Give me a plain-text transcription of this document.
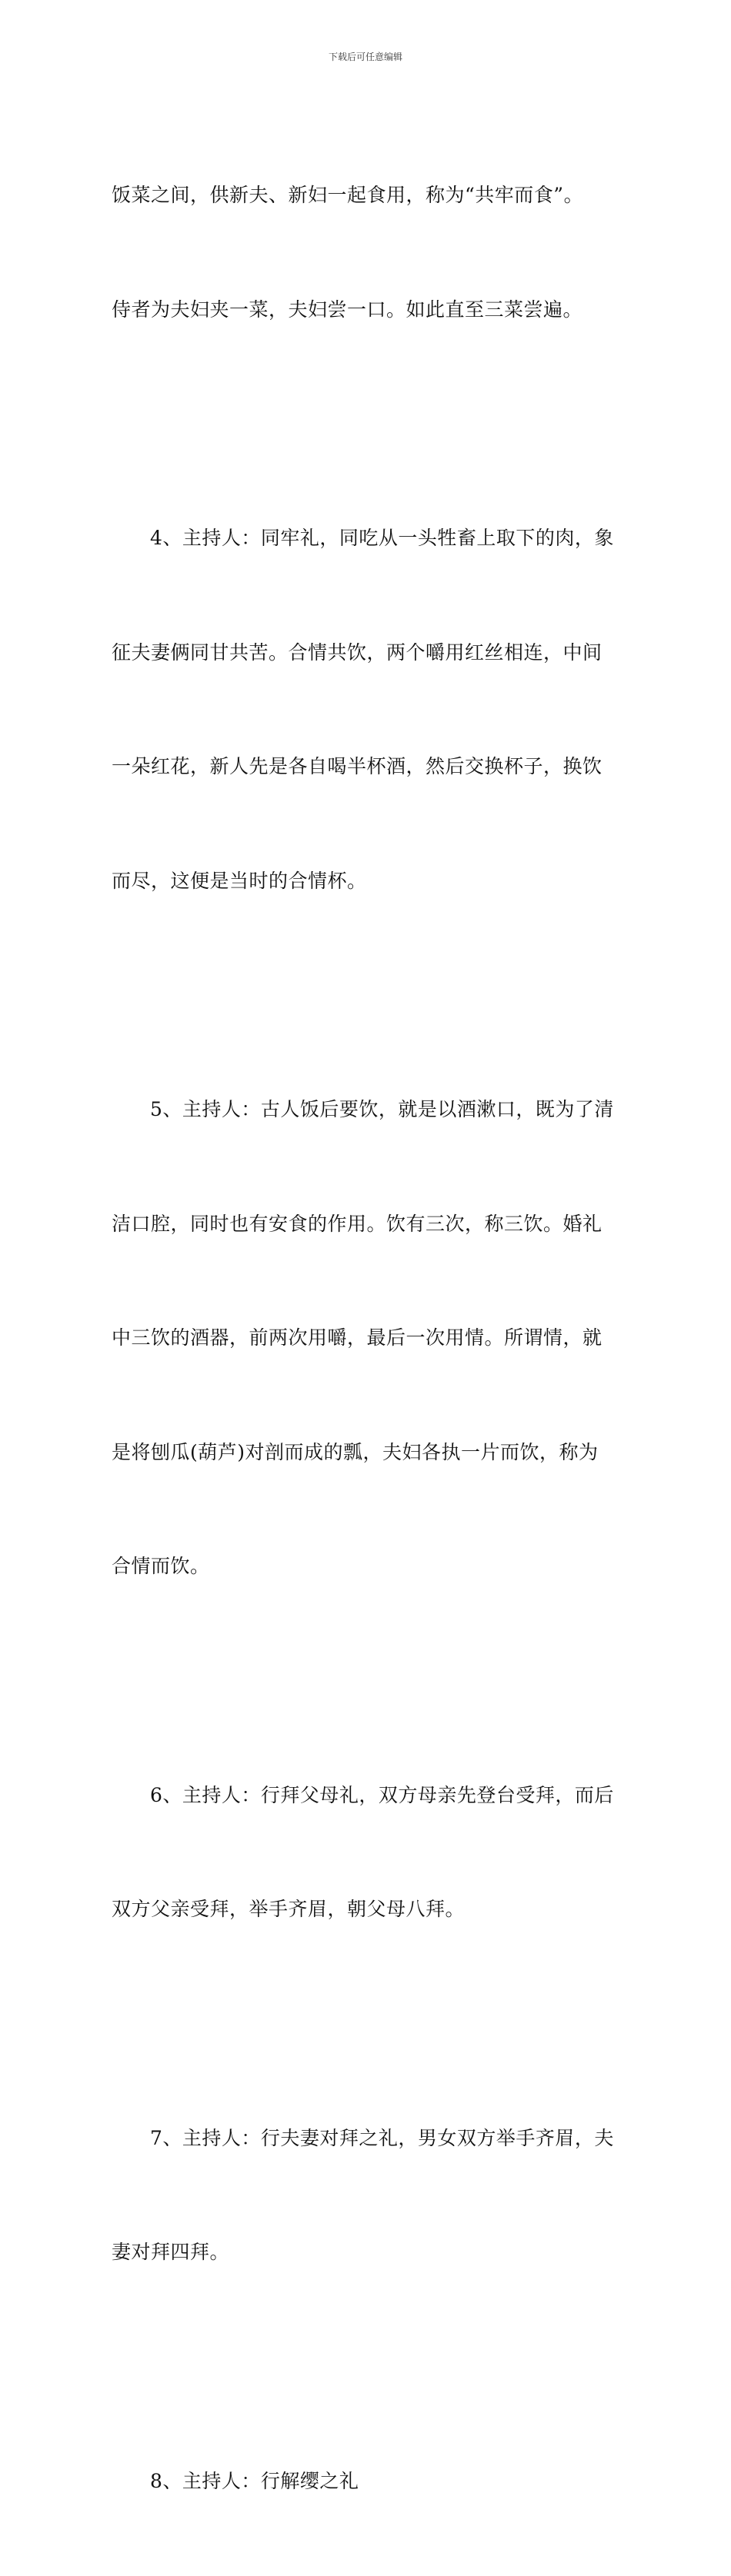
下载后可任意编辑

饭菜之间，供新夫、新妇一起食用，称为“共牢而食”。

侍者为夫妇夹一菜，夫妇尝一口。如此直至三菜尝遍。

4、主持人：同牢礼，同吃从一头牲畜上取下的肉，象

征夫妻俩同甘共苦。合情共饮，两个嚼用红丝相连，中间

一朵红花，新人先是各自喝半杯酒，然后交换杯子，换饮

而尽，这便是当时的合情杯。

5、主持人：古人饭后要饮，就是以酒漱口，既为了清

洁口腔，同时也有安食的作用。饮有三次，称三饮。婚礼

中三饮的酒器，前两次用嚼，最后一次用情。所谓情，就

是将刨瓜(葫芦)对剖而成的瓢，夫妇各执一片而饮，称为

合情而饮。

6、主持人：行拜父母礼，双方母亲先登台受拜，而后

双方父亲受拜，举手齐眉，朝父母八拜。

7、主持人：行夫妻对拜之礼，男女双方举手齐眉，夫

妻对拜四拜。

8、主持人：行解缨之礼
